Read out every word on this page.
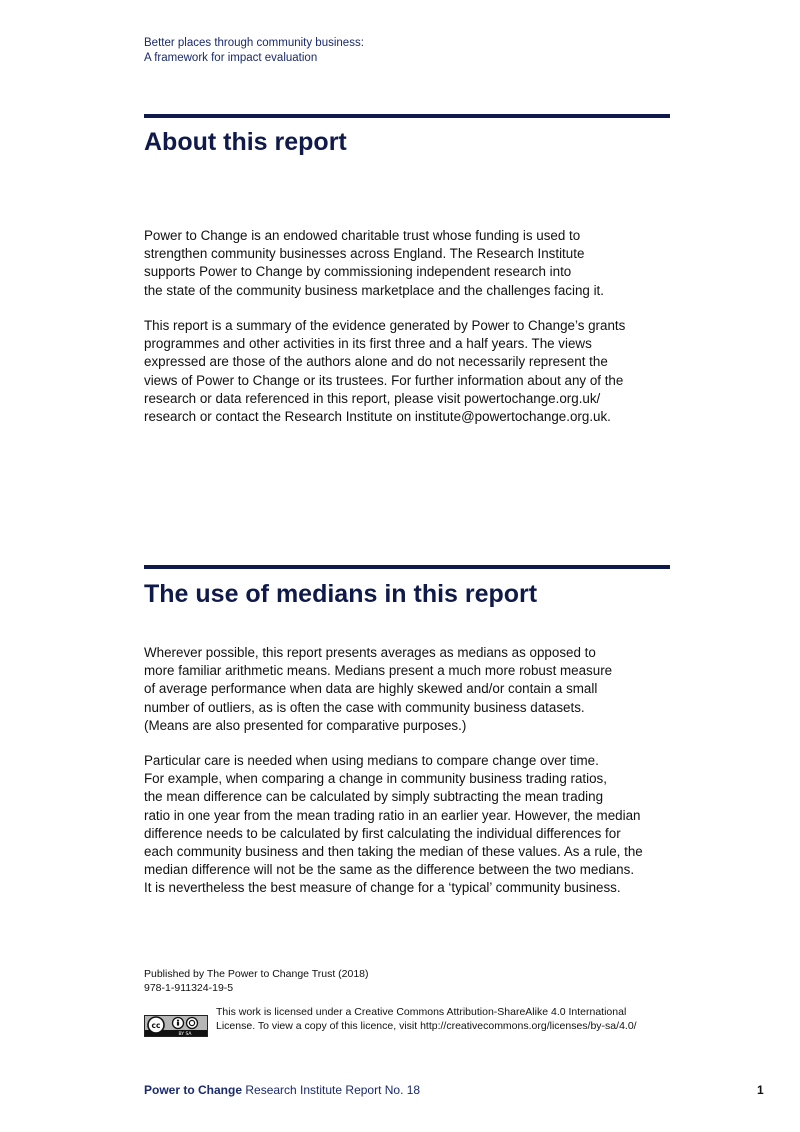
Better places through community business:
A framework for impact evaluation
About this report
Power to Change is an endowed charitable trust whose funding is used to
strengthen community businesses across England. The Research Institute
supports Power to Change by commissioning independent research into
the state of the community business marketplace and the challenges facing it.
This report is a summary of the evidence generated by Power to Change’s grants
programmes and other activities in its first three and a half years. The views
expressed are those of the authors alone and do not necessarily represent the
views of Power to Change or its trustees. For further information about any of the
research or data referenced in this report, please visit powertochange.org.uk/
research or contact the Research Institute on institute@powertochange.org.uk.
The use of medians in this report
Wherever possible, this report presents averages as medians as opposed to
more familiar arithmetic means. Medians present a much more robust measure
of average performance when data are highly skewed and/or contain a small
number of outliers, as is often the case with community business datasets.
(Means are also presented for comparative purposes.)
Particular care is needed when using medians to compare change over time.
For example, when comparing a change in community business trading ratios,
the mean difference can be calculated by simply subtracting the mean trading
ratio in one year from the mean trading ratio in an earlier year. However, the median
difference needs to be calculated by first calculating the individual differences for
each community business and then taking the median of these values. As a rule, the
median difference will not be the same as the difference between the two medians.
It is nevertheless the best measure of change for a ‘typical’ community business.
Published by The Power to Change Trust (2018)
978-1-911324-19-5
cc
BY SA
This work is licensed under a Creative Commons Attribution-ShareAlike 4.0 International
License. To view a copy of this licence, visit http://creativecommons.org/licenses/by-sa/4.0/
Power to Change Research Institute Report No. 18	1
